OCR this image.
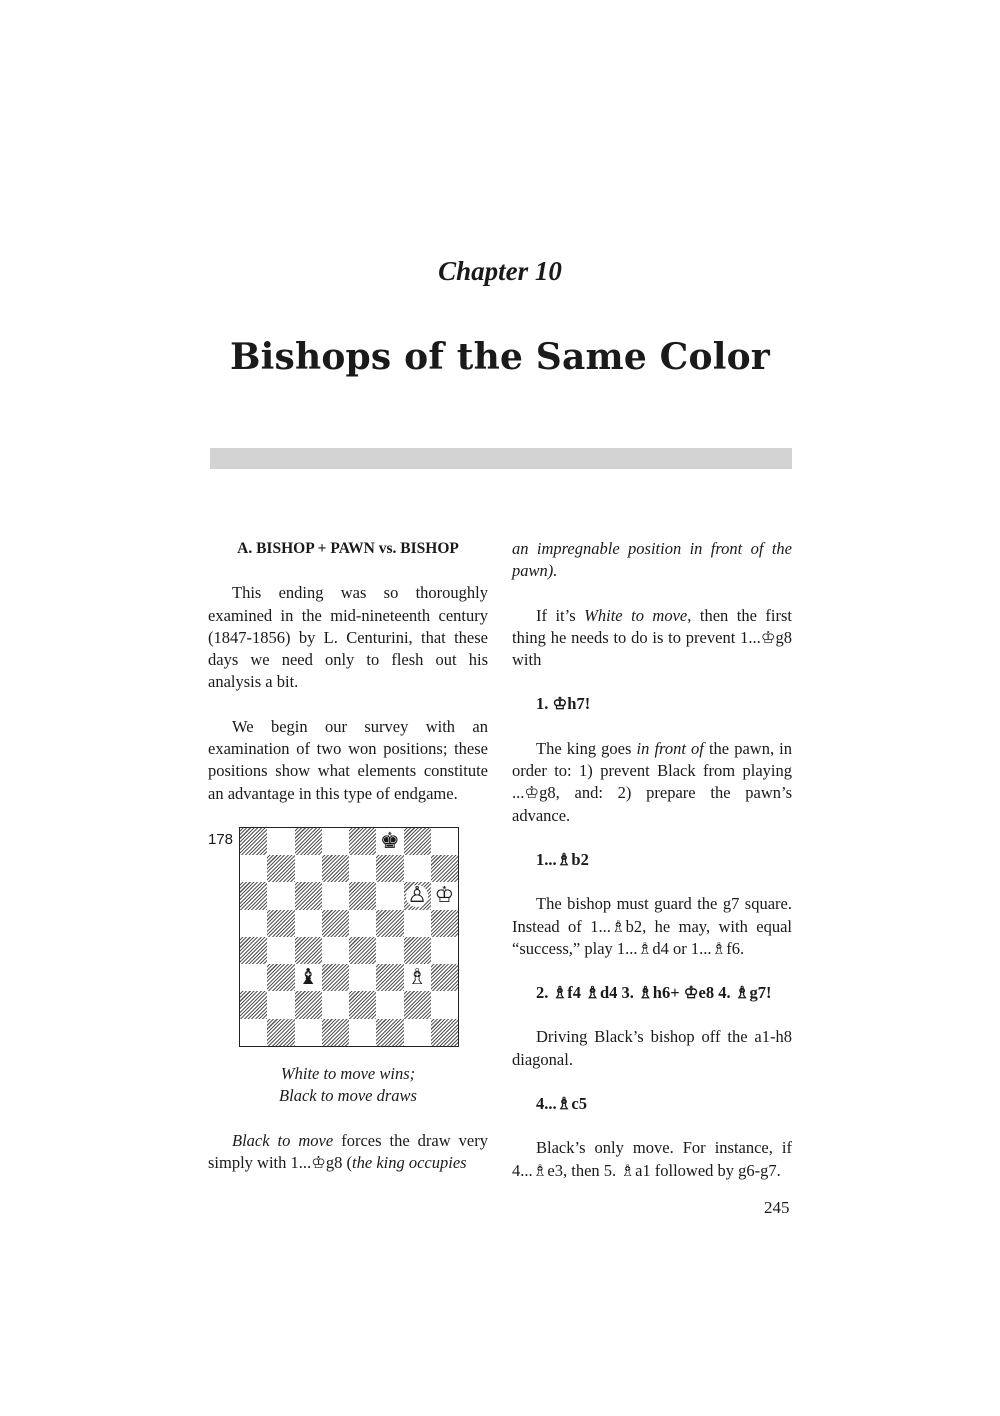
Chapter 10
Bishops of the Same Color
A. BISHOP + PAWN vs. BISHOP

This ending was so thoroughly examined in the mid-nineteenth century (1847-1856) by L. Centurini, that these days we need only to flesh out his analysis a bit.

We begin our survey with an examination of two won positions; these positions show what elements constitute an advantage in this type of endgame.

178	♚
♙ ♔
♝	♗
White to move wins;
Black to move draws

Black to move forces the draw very simply with 1...♔g8 (the king occupies

an impregnable position in front of the pawn).

If it’s White to move, then the first thing he needs to do is to prevent 1...♔g8 with

1. ♔h7!

The king goes in front of the pawn, in order to: 1) prevent Black from playing ...♔g8, and: 2) prepare the pawn’s advance.

1...♗b2

The bishop must guard the g7 square. Instead of 1...♗b2, he may, with equal “success,” play 1...♗d4 or 1...♗f6.

2. ♗f4 ♗d4 3. ♗h6+ ♔e8 4. ♗g7!

Driving Black’s bishop off the a1-h8 diagonal.

4...♗c5

Black’s only move. For instance, if 4...♗e3, then 5. ♗a1 followed by g6-g7.

245
